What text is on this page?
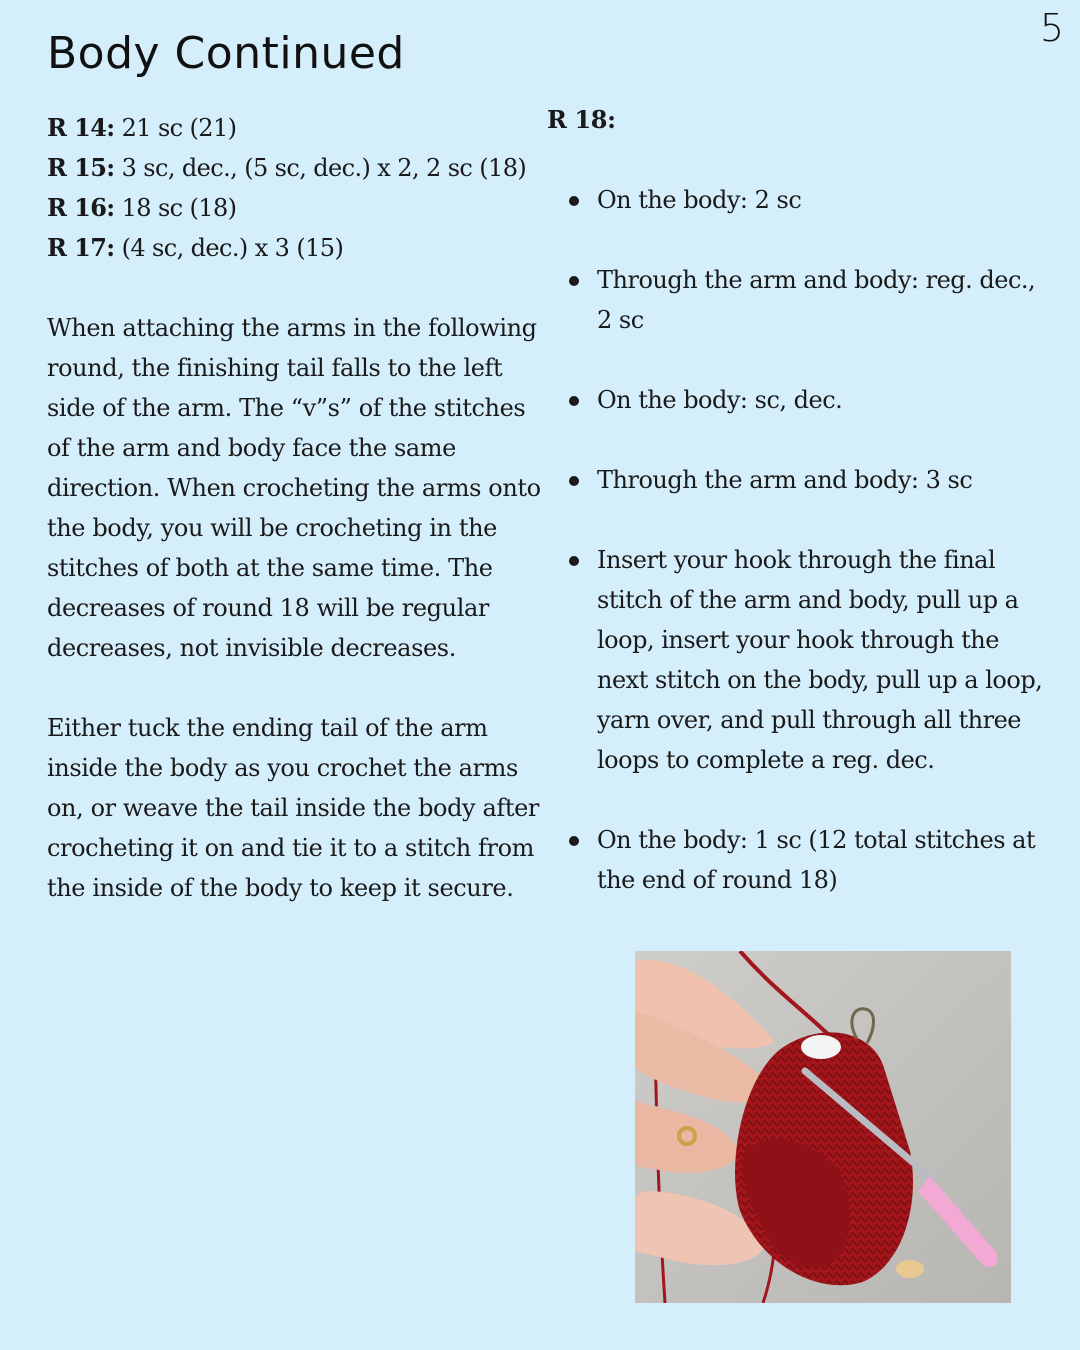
5
Body Continued

R 14: 21 sc (21)

R 15: 3 sc, dec., (5 sc, dec.) x 2, 2 sc (18)

R 16: 18 sc (18)

R 17: (4 sc, dec.) x 3 (15)

When attaching the arms in the following round, the finishing tail falls to the left side of the arm. The “v”s” of the stitches of the arm and body face the same direction. When crocheting the arms onto the body, you will be crocheting in the stitches of both at the same time. The decreases of round 18 will be regular decreases, not invisible decreases.

Either tuck the ending tail of the arm inside the body as you crochet the arms on, or weave the tail inside the body after crocheting it on and tie it to a stitch from the inside of the body to keep it secure.

R 18:

On the body: 2 sc
Through the arm and body: reg. dec., 2 sc
On the body: sc, dec.
Through the arm and body: 3 sc
Insert your hook through the final stitch of the arm and body, pull up a loop, insert your hook through the next stitch on the body, pull up a loop, yarn over, and pull through all three loops to complete a reg. dec.
On the body: 1 sc (12 total stitches at the end of round 18)
